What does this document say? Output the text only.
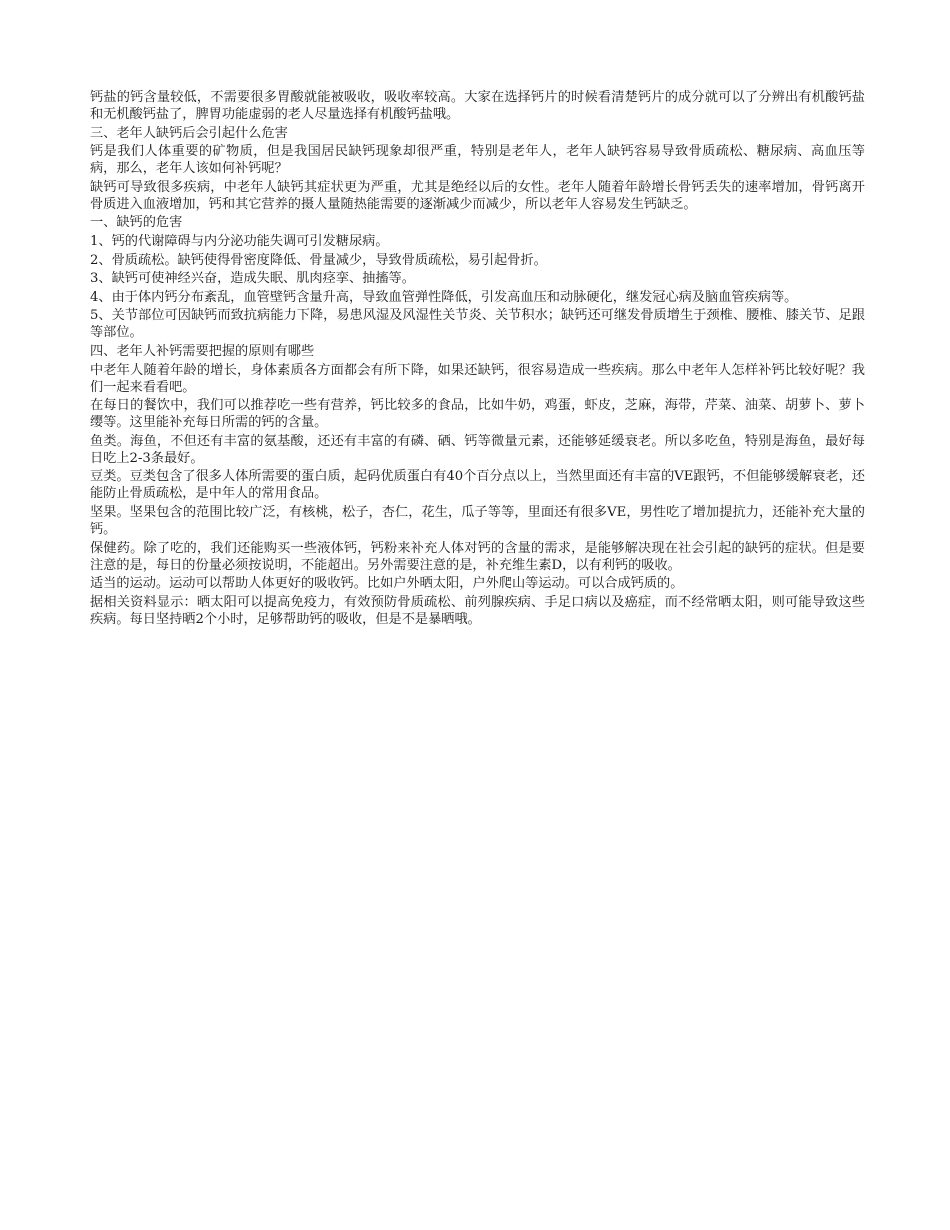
钙盐的钙含量较低，不需要很多胃酸就能被吸收，吸收率较高。大家在选择钙片的时候看清楚钙片的成分就可以了分辨出有机酸钙盐和无机酸钙盐了，脾胃功能虚弱的老人尽量选择有机酸钙盐哦。

三、老年人缺钙后会引起什么危害

钙是我们人体重要的矿物质，但是我国居民缺钙现象却很严重，特别是老年人，老年人缺钙容易导致骨质疏松、糖尿病、高血压等病，那么，老年人该如何补钙呢？

缺钙可导致很多疾病，中老年人缺钙其症状更为严重，尤其是绝经以后的女性。老年人随着年龄增长骨钙丢失的速率增加，骨钙离开骨质进入血液增加，钙和其它营养的摄人量随热能需要的逐渐减少而减少，所以老年人容易发生钙缺乏。

一、缺钙的危害

1、钙的代谢障碍与内分泌功能失调可引发糖尿病。

2、骨质疏松。缺钙使得骨密度降低、骨量减少，导致骨质疏松，易引起骨折。

3、缺钙可使神经兴奋，造成失眠、肌肉痉挛、抽搐等。

4、由于体内钙分布紊乱，血管壁钙含量升高，导致血管弹性降低，引发高血压和动脉硬化，继发冠心病及脑血管疾病等。

5、关节部位可因缺钙而致抗病能力下降，易患风湿及风湿性关节炎、关节积水；缺钙还可继发骨质增生于颈椎、腰椎、膝关节、足跟等部位。

四、老年人补钙需要把握的原则有哪些

中老年人随着年龄的增长，身体素质各方面都会有所下降，如果还缺钙，很容易造成一些疾病。那么中老年人怎样补钙比较好呢？我们一起来看看吧。

在每日的餐饮中，我们可以推荐吃一些有营养，钙比较多的食品，比如牛奶，鸡蛋，虾皮，芝麻，海带，芹菜、油菜、胡萝卜、萝卜缨等。这里能补充每日所需的钙的含量。

鱼类。海鱼，不但还有丰富的氨基酸，还还有丰富的有磷、硒、钙等微量元素，还能够延缓衰老。所以多吃鱼，特别是海鱼，最好每日吃上2-3条最好。

豆类。豆类包含了很多人体所需要的蛋白质，起码优质蛋白有40个百分点以上，当然里面还有丰富的VE跟钙，不但能够缓解衰老，还能防止骨质疏松，是中年人的常用食品。

坚果。坚果包含的范围比较广泛，有核桃，松子，杏仁，花生，瓜子等等，里面还有很多VE，男性吃了增加提抗力，还能补充大量的钙。

保健药。除了吃的，我们还能购买一些液体钙，钙粉来补充人体对钙的含量的需求，是能够解决现在社会引起的缺钙的症状。但是要注意的是，每日的份量必须按说明，不能超出。另外需要注意的是，补充维生素D，以有利钙的吸收。

适当的运动。运动可以帮助人体更好的吸收钙。比如户外晒太阳，户外爬山等运动。可以合成钙质的。

据相关资料显示：晒太阳可以提高免疫力，有效预防骨质疏松、前列腺疾病、手足口病以及癌症，而不经常晒太阳，则可能导致这些疾病。每日坚持晒2个小时，足够帮助钙的吸收，但是不是暴晒哦。
